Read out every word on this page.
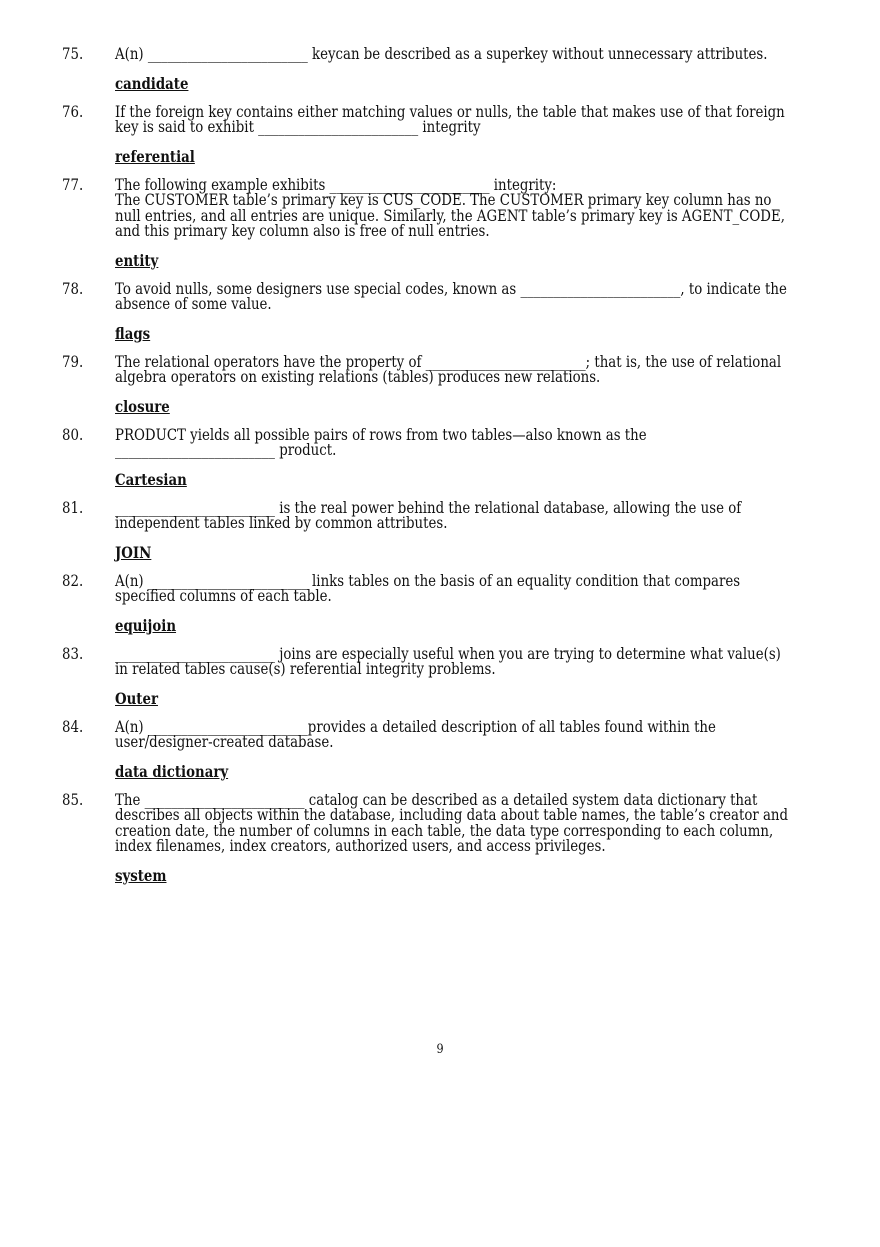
75.	A(n) ________________________ keycan be described as a superkey without unnecessary attributes.
candidate
76.	If the foreign key contains either matching values or nulls, the table that makes use of that foreign
key is said to exhibit ________________________ integrity
referential
77.	The following example exhibits ________________________ integrity:
The CUSTOMER table’s primary key is CUS_CODE. The CUSTOMER primary key column has no
null entries, and all entries are unique. Similarly, the AGENT table’s primary key is AGENT_CODE,
and this primary key column also is free of null entries.
entity
78.	To avoid nulls, some designers use special codes, known as ________________________, to indicate the
absence of some value.
flags
79.	The relational operators have the property of ________________________; that is, the use of relational
algebra operators on existing relations (tables) produces new relations.
closure
80.	PRODUCT yields all possible pairs of rows from two tables—also known as the
________________________ product.
Cartesian
81.	________________________ is the real power behind the relational database, allowing the use of
independent tables linked by common attributes.
JOIN
82.	A(n) ________________________ links tables on the basis of an equality condition that compares
specified columns of each table.
equijoin
83.	________________________ joins are especially useful when you are trying to determine what value(s)
in related tables cause(s) referential integrity problems.
Outer
84.	A(n) ________________________provides a detailed description of all tables found within the
user/designer-created database.
data dictionary
85.	The ________________________ catalog can be described as a detailed system data dictionary that
describes all objects within the database, including data about table names, the table’s creator and
creation date, the number of columns in each table, the data type corresponding to each column,
index filenames, index creators, authorized users, and access privileges.
system
9
